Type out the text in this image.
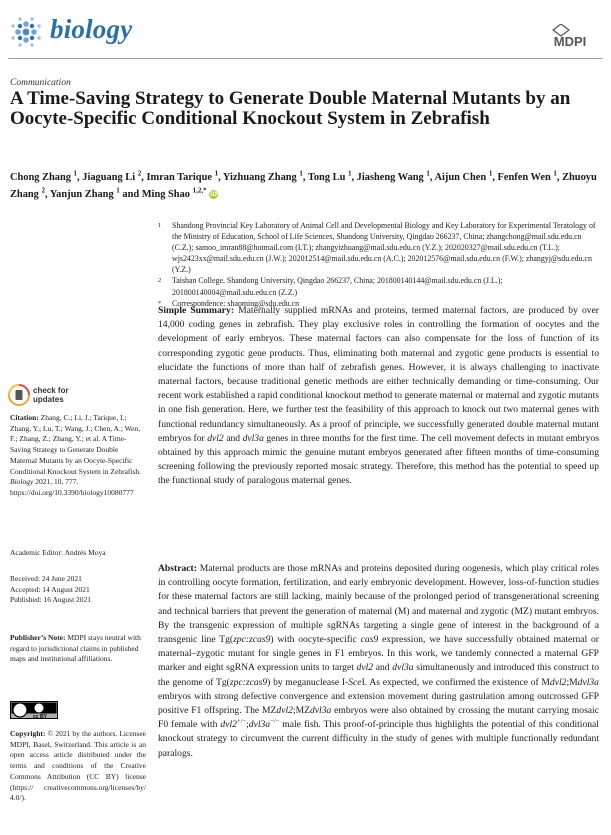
biology	MDPI
Communication
A Time-Saving Strategy to Generate Double Maternal Mutants by an Oocyte-Specific Conditional Knockout System in Zebrafish
Chong Zhang $^1$, Jiaguang Li $^2$, Imran Tarique $^1$, Yizhuang Zhang $^1$, Tong Lu $^1$, Jiasheng Wang $^1$, Aijun Chen $^1$, Fenfen Wen $^1$, Zhuoyu Zhang $^2$, Yanjun Zhang $^1$ and Ming Shao $^{1,2,*}$ iD
1	Shandong Provincial Key Laboratory of Animal Cell and Developmental Biology and Key Laboratory for Experimental Teratology of the Ministry of Education, School of Life Sciences, Shandong University, Qingdao 266237, China; zhangchong@mail.sdu.edu.cn (C.Z.); samoo_imran88@hotmail.com (I.T.); zhangyizhuang@mail.sdu.edu.cn (Y.Z.); 202020327@mail.sdu.edu.cn (T.L.); wjs2423xx@mail.sdu.edu.cn (J.W.); 202012514@mail.sdu.edu.cn (A.C.); 202012576@mail.sdu.edu.cn (F.W.); zhangyj@sdu.edu.cn (Y.Z.)
2	Taishan College, Shandong University, Qingdao 266237, China; 201800140144@mail.sdu.edu.cn (J.L.); 201800140004@mail.sdu.edu.cn (Z.Z.)
*	Correspondence: shaoming@sdu.edu.cn
check for
updates
Citation: Zhang, C.; Li, J.; Tarique, I.; Zhang, Y.; Lu, T.; Wang, J.; Chen, A.; Wen, F.; Zhang, Z.; Zhang, Y.; et al. A Time-Saving Strategy to Generate Double Maternal Mutants by an Oocyte-Specific Conditional Knockout System in Zebrafish. Biology 2021, 10, 777. https://doi.org/10.3390/biology10080777
Academic Editor: Andrés Moya
Received: 24 June 2021
Accepted: 14 August 2021
Published: 16 August 2021
Publisher’s Note: MDPI stays neutral with regard to jurisdictional claims in published maps and institutional affiliations.
cc BY
Copyright: © 2021 by the authors. Licensee MDPI, Basel, Switzerland. This article is an open access article distributed under the terms and conditions of the Creative Commons Attribution (CC BY) license (https:// creativecommons.org/licenses/by/ 4.0/).

Simple Summary: Maternally supplied mRNAs and proteins, termed maternal factors, are produced by over 14,000 coding genes in zebrafish. They play exclusive roles in controlling the formation of oocytes and the development of early embryos. These maternal factors can also compensate for the loss of function of its corresponding zygotic gene products. Thus, eliminating both maternal and zygotic gene products is essential to elucidate the functions of more than half of zebrafish genes. However, it is always challenging to inactivate maternal factors, because traditional genetic methods are either technically demanding or time-consuming. Our recent work established a rapid conditional knockout method to generate maternal or maternal and zygotic mutants in one fish generation. Here, we further test the feasibility of this approach to knock out two maternal genes with functional redundancy simultaneously. As a proof of principle, we successfully generated double maternal mutant embryos for dvl2 and dvl3a genes in three months for the first time. The cell movement defects in mutant embryos obtained by this approach mimic the genuine mutant embryos generated after fifteen months of time-consuming screening following the previously reported mosaic strategy. Therefore, this method has the potential to speed up the functional study of paralogous maternal genes.

Abstract: Maternal products are those mRNAs and proteins deposited during oogenesis, which play critical roles in controlling oocyte formation, fertilization, and early embryonic development. However, loss-of-function studies for these maternal factors are still lacking, mainly because of the prolonged period of transgenerational screening and technical barriers that prevent the generation of maternal (M) and maternal and zygotic (MZ) mutant embryos. By the transgenic expression of multiple sgRNAs targeting a single gene of interest in the background of a transgenic line Tg(zpc:zcas9) with oocyte-specific cas9 expression, we have successfully obtained maternal or maternal–zygotic mutant for single genes in F1 embryos. In this work, we tandemly connected a maternal GFP marker and eight sgRNA expression units to target dvl2 and dvl3a simultaneously and introduced this construct to the genome of Tg(zpc:zcas9) by meganuclease I-SceI. As expected, we confirmed the existence of Mdvl2;Mdvl3a embryos with strong defective convergence and extension movement during gastrulation among outcrossed GFP positive F1 offspring. The MZdvl2;MZdvl3a embryos were also obtained by crossing the mutant carrying mosaic F0 female with dvl2+/−;dvl3a−/− male fish. This proof-of-principle thus highlights the potential of this conditional knockout strategy to circumvent the current difficulty in the study of genes with multiple functionally redundant paralogs.
